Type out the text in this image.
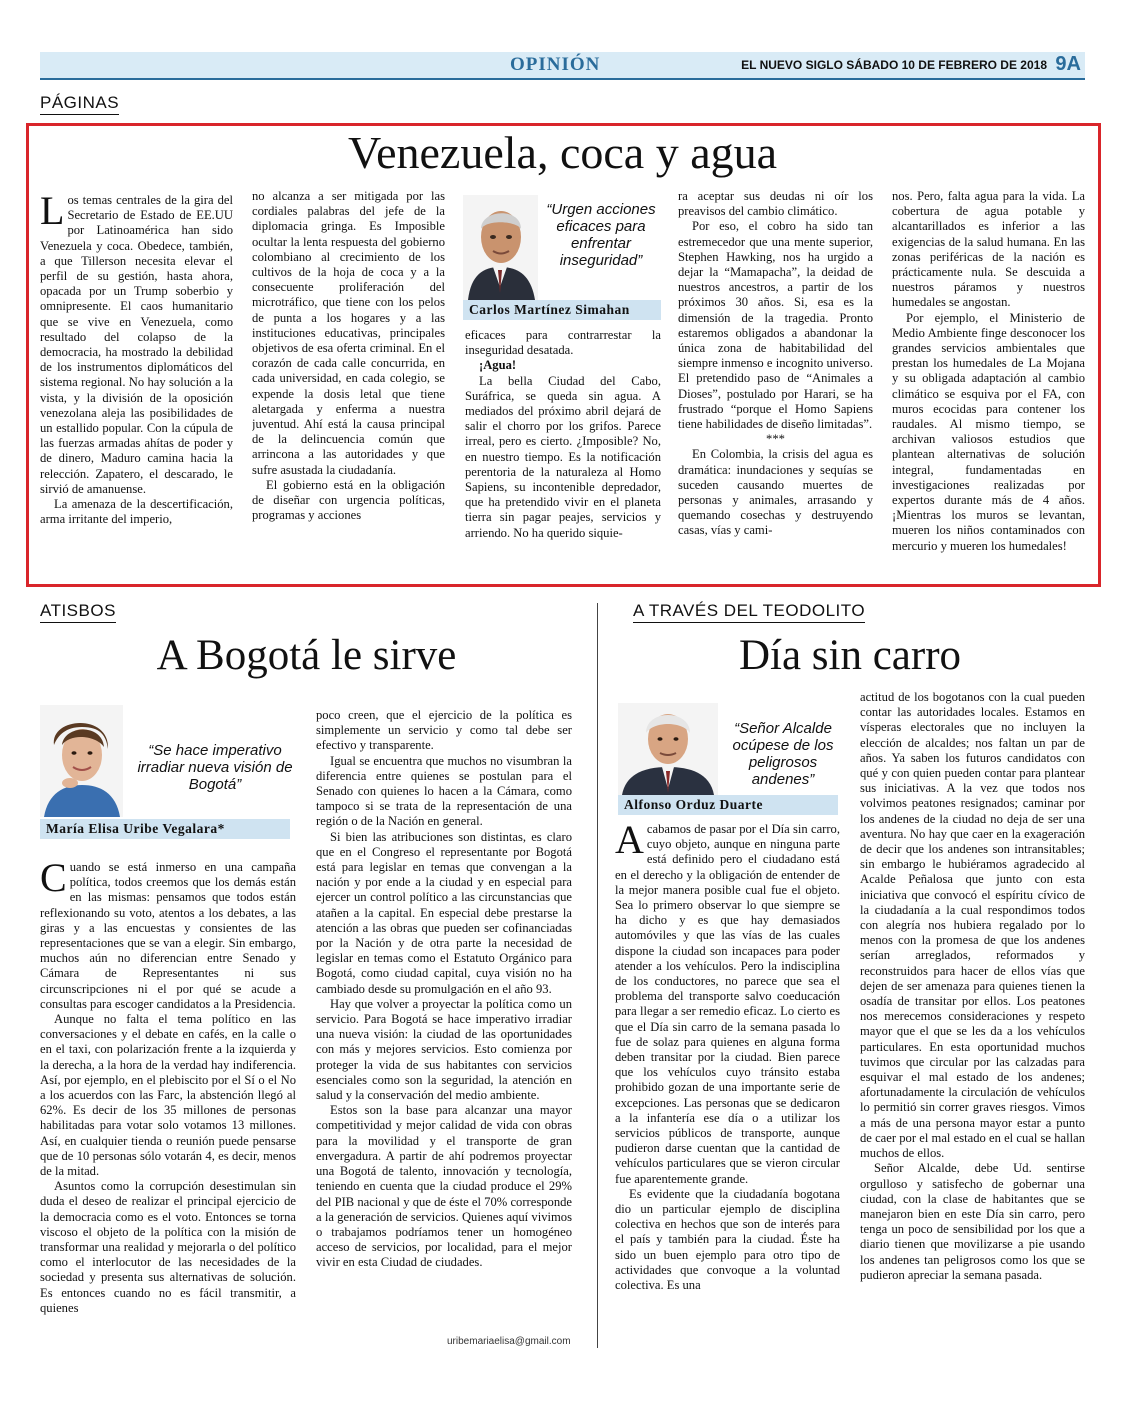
OPINIÓN	EL NUEVO SIGLO SÁBADO 10 DE FEBRERO DE 2018 9A
PÁGINAS
Venezuela, coca y agua

Los temas centrales de la gira del Secretario de Estado de EE.UU por Latinoamérica han sido Venezuela y coca. Obedece, también, a que Tillerson necesita elevar el perfil de su gestión, hasta ahora, opacada por un Trump soberbio y omnipresente. El caos humanitario que se vive en Venezuela, como resultado del colapso de la democracia, ha mostrado la debilidad de los instrumentos diplomáticos del sistema regional. No hay solución a la vista, y la división de la oposición venezolana aleja las posibilidades de un estallido popular. Con la cúpula de las fuerzas armadas ahítas de poder y de dinero, Maduro camina hacia la relección. Zapatero, el descarado, le sirvió de amanuense.

La amenaza de la descertificación, arma irritante del imperio,

no alcanza a ser mitigada por las cordiales palabras del jefe de la diplomacia gringa. Es Imposible ocultar la lenta respuesta del gobierno colombiano al crecimiento de los cultivos de la hoja de coca y a la consecuente proliferación del microtráfico, que tiene con los pelos de punta a los hogares y a las instituciones educativas, principales objetivos de esa oferta criminal. En el corazón de cada calle concurrida, en cada universidad, en cada colegio, se expende la dosis letal que tiene aletargada y enferma a nuestra juventud. Ahí está la causa principal de la delincuencia común que arrincona a las autoridades y que sufre asustada la ciudadanía.

El gobierno está en la obligación de diseñar con urgencia políticas, programas y acciones

“Urgen acciones eficaces para enfrentar inseguridad”
Carlos Martínez Simahan

eficaces para contrarrestar la inseguridad desatada.

¡Agua!

La bella Ciudad del Cabo, Suráfrica, se queda sin agua. A mediados del próximo abril dejará de salir el chorro por los grifos. Parece irreal, pero es cierto. ¿Imposible? No, en nuestro tiempo. Es la notificación perentoria de la naturaleza al Homo Sapiens, su incontenible depredador, que ha pretendido vivir en el planeta tierra sin pagar peajes, servicios y arriendo. No ha querido siquie-

ra aceptar sus deudas ni oír los preavisos del cambio climático.

Por eso, el cobro ha sido tan estremecedor que una mente superior, Stephen Hawking, nos ha urgido a dejar la “Mamapacha”, la deidad de nuestros ancestros, a partir de los próximos 30 años. Si, esa es la dimensión de la tragedia. Pronto estaremos obligados a abandonar la única zona de habitabilidad del siempre inmenso e incognito universo. El pretendido paso de “Animales a Dioses”, postulado por Harari, se ha frustrado “porque el Homo Sapiens tiene habilidades de diseño limitadas”.

***

En Colombia, la crisis del agua es dramática: inundaciones y sequías se suceden causando muertes de personas y animales, arrasando y quemando cosechas y destruyendo casas, vías y cami-

nos. Pero, falta agua para la vida. La cobertura de agua potable y alcantarillados es inferior a las exigencias de la salud humana. En las zonas periféricas de la nación es prácticamente nula. Se descuida a nuestros páramos y nuestros humedales se angostan.

Por ejemplo, el Ministerio de Medio Ambiente finge desconocer los grandes servicios ambientales que prestan los humedales de La Mojana y su obligada adaptación al cambio climático se esquiva por el FA, con muros ecocidas para contener los raudales. Al mismo tiempo, se archivan valiosos estudios que plantean alternativas de solución integral, fundamentadas en investigaciones realizadas por expertos durante más de 4 años. ¡Mientras los muros se levantan, mueren los niños contaminados con mercurio y mueren los humedales!

ATISBOS
A Bogotá le sirve
“Se hace imperativo irradiar nueva visión de Bogotá”
María Elisa Uribe Vegalara*

Cuando se está inmerso en una campaña política, todos creemos que los demás están en las mismas: pensamos que todos están reflexionando su voto, atentos a los debates, a las giras y a las encuestas y consientes de las representaciones que se van a elegir. Sin embargo, muchos aún no diferencian entre Senado y Cámara de Representantes ni sus circunscripciones ni el por qué se acude a consultas para escoger candidatos a la Presidencia.

Aunque no falta el tema político en las conversaciones y el debate en cafés, en la calle o en el taxi, con polarización frente a la izquierda y la derecha, a la hora de la verdad hay indiferencia. Así, por ejemplo, en el plebiscito por el Sí o el No a los acuerdos con las Farc, la abstención llegó al 62%. Es decir de los 35 millones de personas habilitadas para votar solo votamos 13 millones. Así, en cualquier tienda o reunión puede pensarse que de 10 personas sólo votarán 4, es decir, menos de la mitad.

Asuntos como la corrupción desestimulan sin duda el deseo de realizar el principal ejercicio de la democracia como es el voto. Entonces se torna viscoso el objeto de la política con la misión de transformar una realidad y mejorarla o del político como el interlocutor de las necesidades de la sociedad y presenta sus alternativas de solución. Es entonces cuando no es fácil transmitir, a quienes

poco creen, que el ejercicio de la política es simplemente un servicio y como tal debe ser efectivo y transparente.

Igual se encuentra que muchos no visumbran la diferencia entre quienes se postulan para el Senado con quienes lo hacen a la Cámara, como tampoco si se trata de la representación de una región o de la Nación en general.

Si bien las atribuciones son distintas, es claro que en el Congreso el representante por Bogotá está para legislar en temas que convengan a la nación y por ende a la ciudad y en especial para ejercer un control político a las circunstancias que atañen a la capital. En especial debe prestarse la atención a las obras que pueden ser cofinanciadas por la Nación y de otra parte la necesidad de legislar en temas como el Estatuto Orgánico para Bogotá, como ciudad capital, cuya visión no ha cambiado desde su promulgación en el año 93.

Hay que volver a proyectar la política como un servicio. Para Bogotá se hace imperativo irradiar una nueva visión: la ciudad de las oportunidades con más y mejores servicios. Esto comienza por proteger la vida de sus habitantes con servicios esenciales como son la seguridad, la atención en salud y la conservación del medio ambiente.

Estos son la base para alcanzar una mayor competitividad y mejor calidad de vida con obras para la movilidad y el transporte de gran envergadura. A partir de ahí podremos proyectar una Bogotá de talento, innovación y tecnología, teniendo en cuenta que la ciudad produce el 29% del PIB nacional y que de éste el 70% corresponde a la generación de servicios. Quienes aquí vivimos o trabajamos podríamos tener un homogéneo acceso de servicios, por localidad, para el mejor vivir en esta Ciudad de ciudades.

uribemariaelisa@gmail.com
A TRAVÉS DEL TEODOLITO
Día sin carro
“Señor Alcalde ocúpese de los peligrosos andenes”
Alfonso Orduz Duarte

Acabamos de pasar por el Día sin carro, cuyo objeto, aunque en ninguna parte está definido pero el ciudadano está en el derecho y la obligación de entender de la mejor manera posible cual fue el objeto. Sea lo primero observar lo que siempre se ha dicho y es que hay demasiados automóviles y que las vías de las cuales dispone la ciudad son incapaces para poder atender a los vehículos. Pero la indisciplina de los conductores, no parece que sea el problema del transporte salvo coeducación para llegar a ser remedio eficaz. Lo cierto es que el Día sin carro de la semana pasada lo fue de solaz para quienes en alguna forma deben transitar por la ciudad. Bien parece que los vehículos cuyo tránsito estaba prohibido gozan de una importante serie de excepciones. Las personas que se dedicaron a la infantería ese día o a utilizar los servicios públicos de transporte, aunque pudieron darse cuentan que la cantidad de vehículos particulares que se vieron circular fue aparentemente grande.

Es evidente que la ciudadanía bogotana dio un particular ejemplo de disciplina colectiva en hechos que son de interés para el país y también para la ciudad. Éste ha sido un buen ejemplo para otro tipo de actividades que convoque a la voluntad colectiva. Es una

actitud de los bogotanos con la cual pueden contar las autoridades locales. Estamos en vísperas electorales que no incluyen la elección de alcaldes; nos faltan un par de años. Ya saben los futuros candidatos con qué y con quien pueden contar para plantear sus iniciativas. A la vez que todos nos volvimos peatones resignados; caminar por los andenes de la ciudad no deja de ser una aventura. No hay que caer en la exageración de decir que los andenes son intransitables; sin embargo le hubiéramos agradecido al Acalde Peñalosa que junto con esta iniciativa que convocó el espíritu cívico de la ciudadanía a la cual respondimos todos con alegría nos hubiera regalado por lo menos con la promesa de que los andenes serían arreglados, reformados y reconstruidos para hacer de ellos vías que dejen de ser amenaza para quienes tienen la osadía de transitar por ellos. Los peatones nos merecemos consideraciones y respeto mayor que el que se les da a los vehículos particulares. En esta oportunidad muchos tuvimos que circular por las calzadas para esquivar el mal estado de los andenes; afortunadamente la circulación de vehículos lo permitió sin correr graves riesgos. Vimos a más de una persona mayor estar a punto de caer por el mal estado en el cual se hallan muchos de ellos.

Señor Alcalde, debe Ud. sentirse orgulloso y satisfecho de gobernar una ciudad, con la clase de habitantes que se manejaron bien en este Día sin carro, pero tenga un poco de sensibilidad por los que a diario tienen que movilizarse a pie usando los andenes tan peligrosos como los que se pudieron apreciar la semana pasada.
